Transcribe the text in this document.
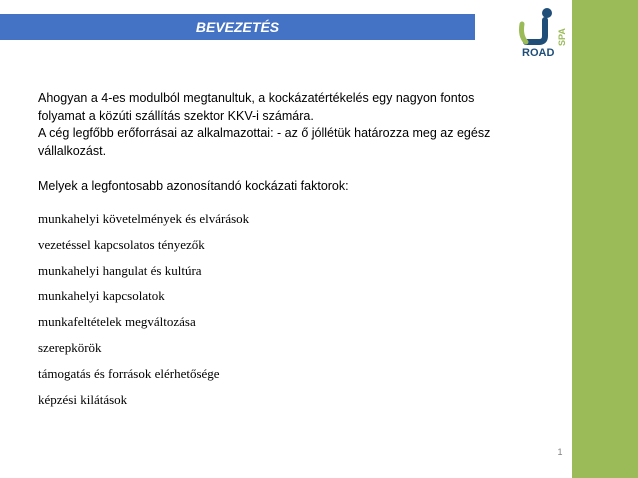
BEVEZETÉS
ROAD
SPA

Ahogyan a 4-es modulból megtanultuk, a kockázatértékelés egy nagyon fontos

folyamat a közúti szállítás szektor KKV-i számára.

A cég legfőbb erőforrásai az alkalmazottai: - az ő jóllétük határozza meg az egész

vállalkozást.

Melyek a legfontosabb azonosítandó kockázati faktorok:

munkahelyi követelmények és elvárások
vezetéssel kapcsolatos tényezők
munkahelyi hangulat és kultúra
munkahelyi kapcsolatok
munkafeltételek megváltozása
szerepkörök
támogatás és források elérhetősége
képzési kilátások
1
